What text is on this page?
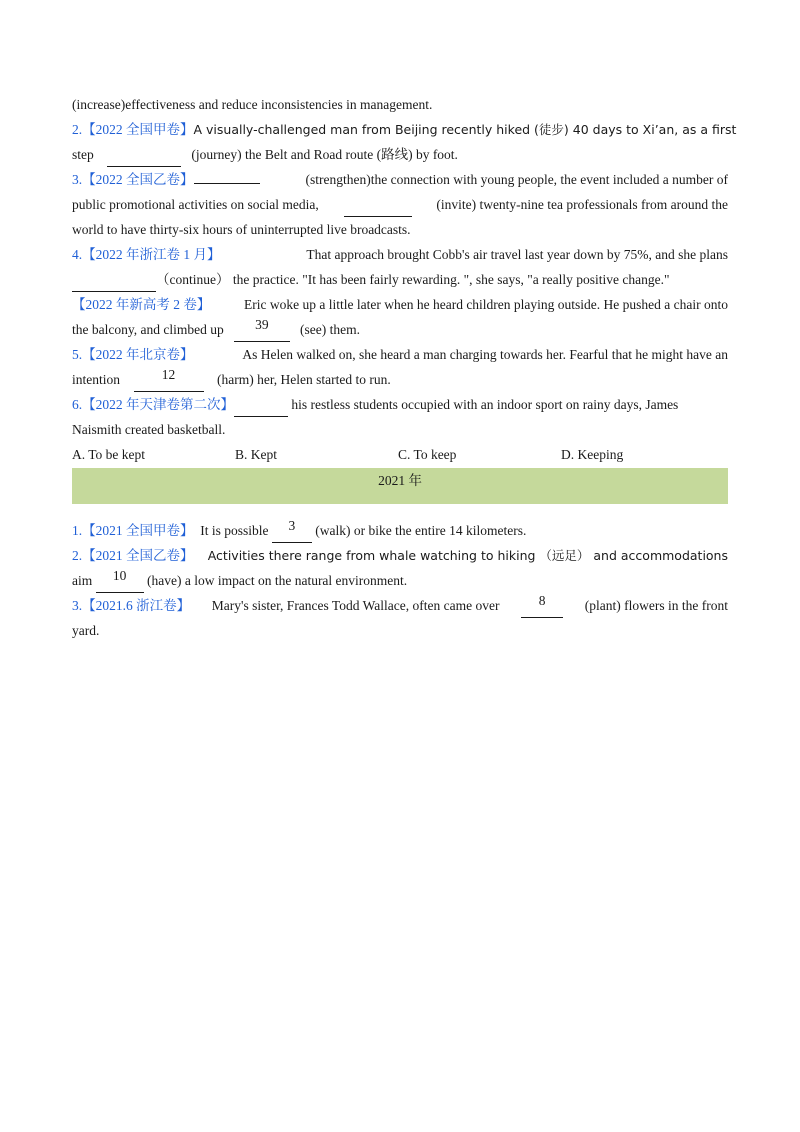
(increase)effectiveness and reduce inconsistencies in management.
2.【2022 全国甲卷】A visually-challenged man from Beijing recently hiked (徒步) 40 days to Xi’an, as a first
step

	(journey) the Belt and Road route (路线) by foot.
3.【2022 全国乙卷】	(strengthen)the connection with young people, the event included a number of
public promotional activities on social media,	(invite) twenty-nine tea professionals from around the
world to have thirty-six hours of uninterrupted live broadcasts.
4.【2022 年浙江卷 1 月】	That approach brought Cobb's air travel last year down by 75%, and she plans
（continue） the practice. "It has been fairly rewarding. ", she says, "a really positive change."
【2022 年新高考 2 卷】 Eric woke up a little later when he heard children playing outside. He pushed a chair onto
the balcony, and climbed up
	39
	(see) them.
5.【2022 年北京卷】	As Helen walked on, she heard a man charging towards her. Fearful that he might have an
intention
	12
	(harm) her, Helen started to run.
6. 【2022 年天津卷第二次】
	his restless students occupied with an indoor sport on rainy days, James
Naismith created basketball.
A. To be kept	B. Kept	C. To keep	D. Keeping
2021 年
1. 【2021 全国甲卷】
It is possible
	3
	(walk) or bike the entire 14 kilometers.
2.【2021 全国乙卷】 Activities there range from whale watching to hiking （远足） and accommodations
aim
	10
	(have) a low impact on the natural environment.
3.【2021.6 浙江卷】 Mary's sister, Frances Todd Wallace, often came over	8	(plant) flowers in the front
yard.
